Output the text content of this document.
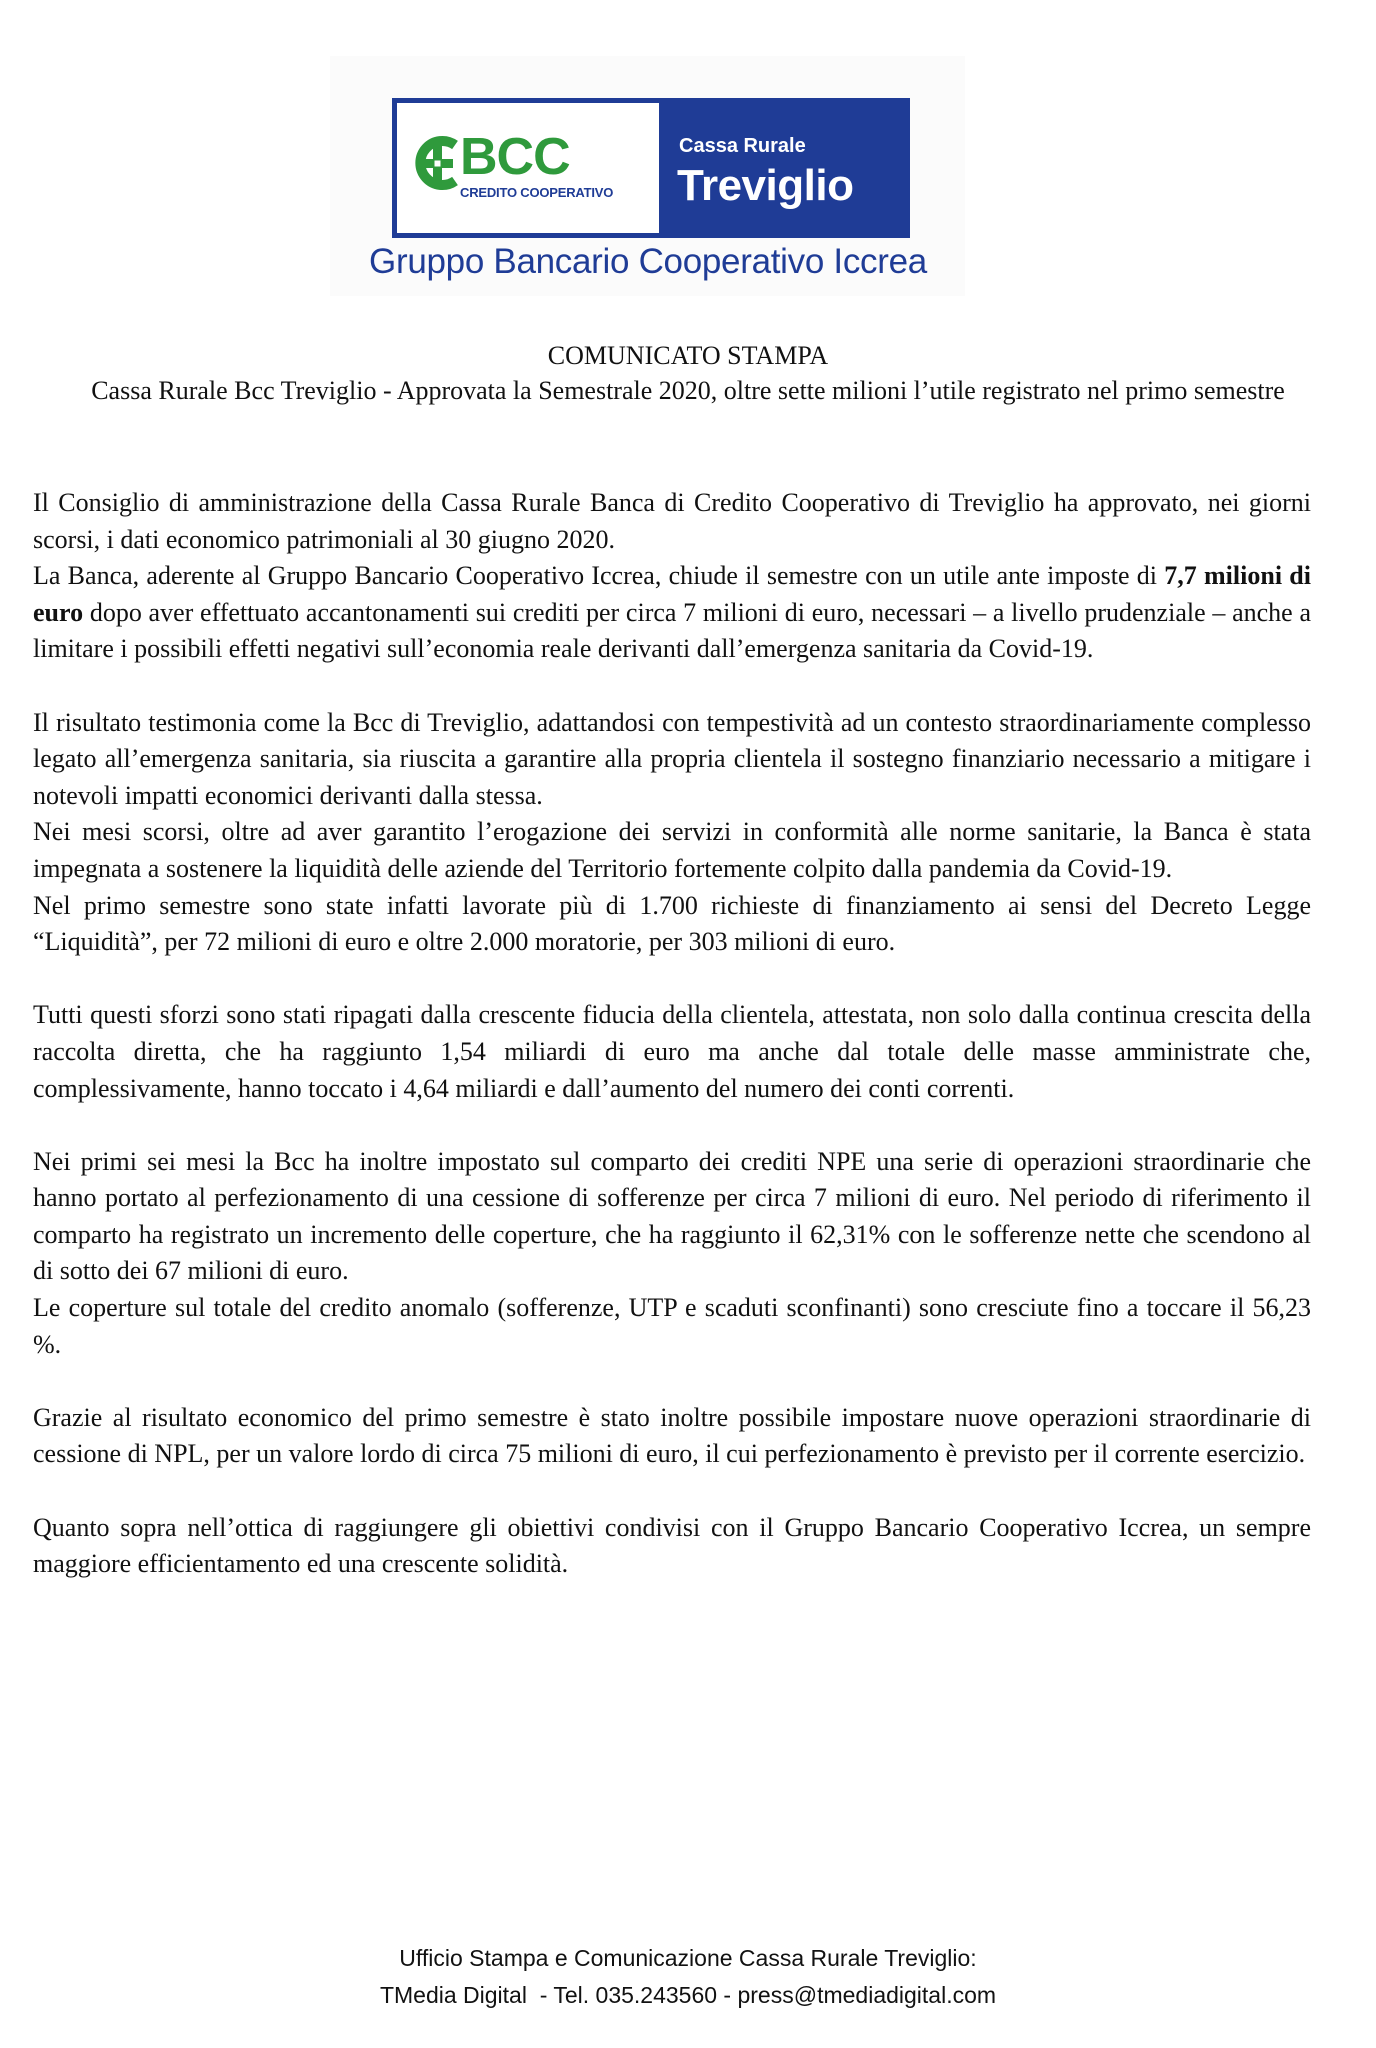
BCC
CREDITO COOPERATIVO
Cassa Rurale
Treviglio
Gruppo Bancario Cooperativo Iccrea
COMUNICATO STAMPA
Cassa Rurale Bcc Treviglio - Approvata la Semestrale 2020, oltre sette milioni l’utile registrato nel primo semestre

Il Consiglio di amministrazione della Cassa Rurale Banca di Credito Cooperativo di Treviglio ha approvato, nei giorni scorsi, i dati economico patrimoniali al 30 giugno 2020.

La Banca, aderente al Gruppo Bancario Cooperativo Iccrea, chiude il semestre con un utile ante imposte di 7,7 milioni di euro dopo aver effettuato accantonamenti sui crediti per circa 7 milioni di euro, necessari – a livello prudenziale – anche a limitare i possibili effetti negativi sull’economia reale derivanti dall’emergenza sanitaria da Covid-19.

Il risultato testimonia come la Bcc di Treviglio, adattandosi con tempestività ad un contesto straordinariamente complesso legato all’emergenza sanitaria, sia riuscita a garantire alla propria clientela il sostegno finanziario necessario a mitigare i notevoli impatti economici derivanti dalla stessa.

Nei mesi scorsi, oltre ad aver garantito l’erogazione dei servizi in conformità alle norme sanitarie, la Banca è stata impegnata a sostenere la liquidità delle aziende del Territorio fortemente colpito dalla pandemia da Covid-19.

Nel primo semestre sono state infatti lavorate più di 1.700 richieste di finanziamento ai sensi del Decreto Legge “Liquidità”, per 72 milioni di euro e oltre 2.000 moratorie, per 303 milioni di euro.

Tutti questi sforzi sono stati ripagati dalla crescente fiducia della clientela, attestata, non solo dalla continua crescita della raccolta diretta, che ha raggiunto 1,54 miliardi di euro ma anche dal totale delle masse amministrate che, complessivamente, hanno toccato i 4,64 miliardi e dall’aumento del numero dei conti correnti.

Nei primi sei mesi la Bcc ha inoltre impostato sul comparto dei crediti NPE una serie di operazioni straordinarie che hanno portato al perfezionamento di una cessione di sofferenze per circa 7 milioni di euro. Nel periodo di riferimento il comparto ha registrato un incremento delle coperture, che ha raggiunto il 62,31% con le sofferenze nette che scendono al di sotto dei 67 milioni di euro.

Le coperture sul totale del credito anomalo (sofferenze, UTP e scaduti sconfinanti) sono cresciute fino a toccare il 56,23 %.

Grazie al risultato economico del primo semestre è stato inoltre possibile impostare nuove operazioni straordinarie di cessione di NPL, per un valore lordo di circa 75 milioni di euro, il cui perfezionamento è previsto per il corrente esercizio.

Quanto sopra nell’ottica di raggiungere gli obiettivi condivisi con il Gruppo Bancario Cooperativo Iccrea, un sempre maggiore efficientamento ed una crescente solidità.

Ufficio Stampa e Comunicazione Cassa Rurale Treviglio:
TMedia Digital  - Tel. 035.243560 - press@tmediadigital.com
